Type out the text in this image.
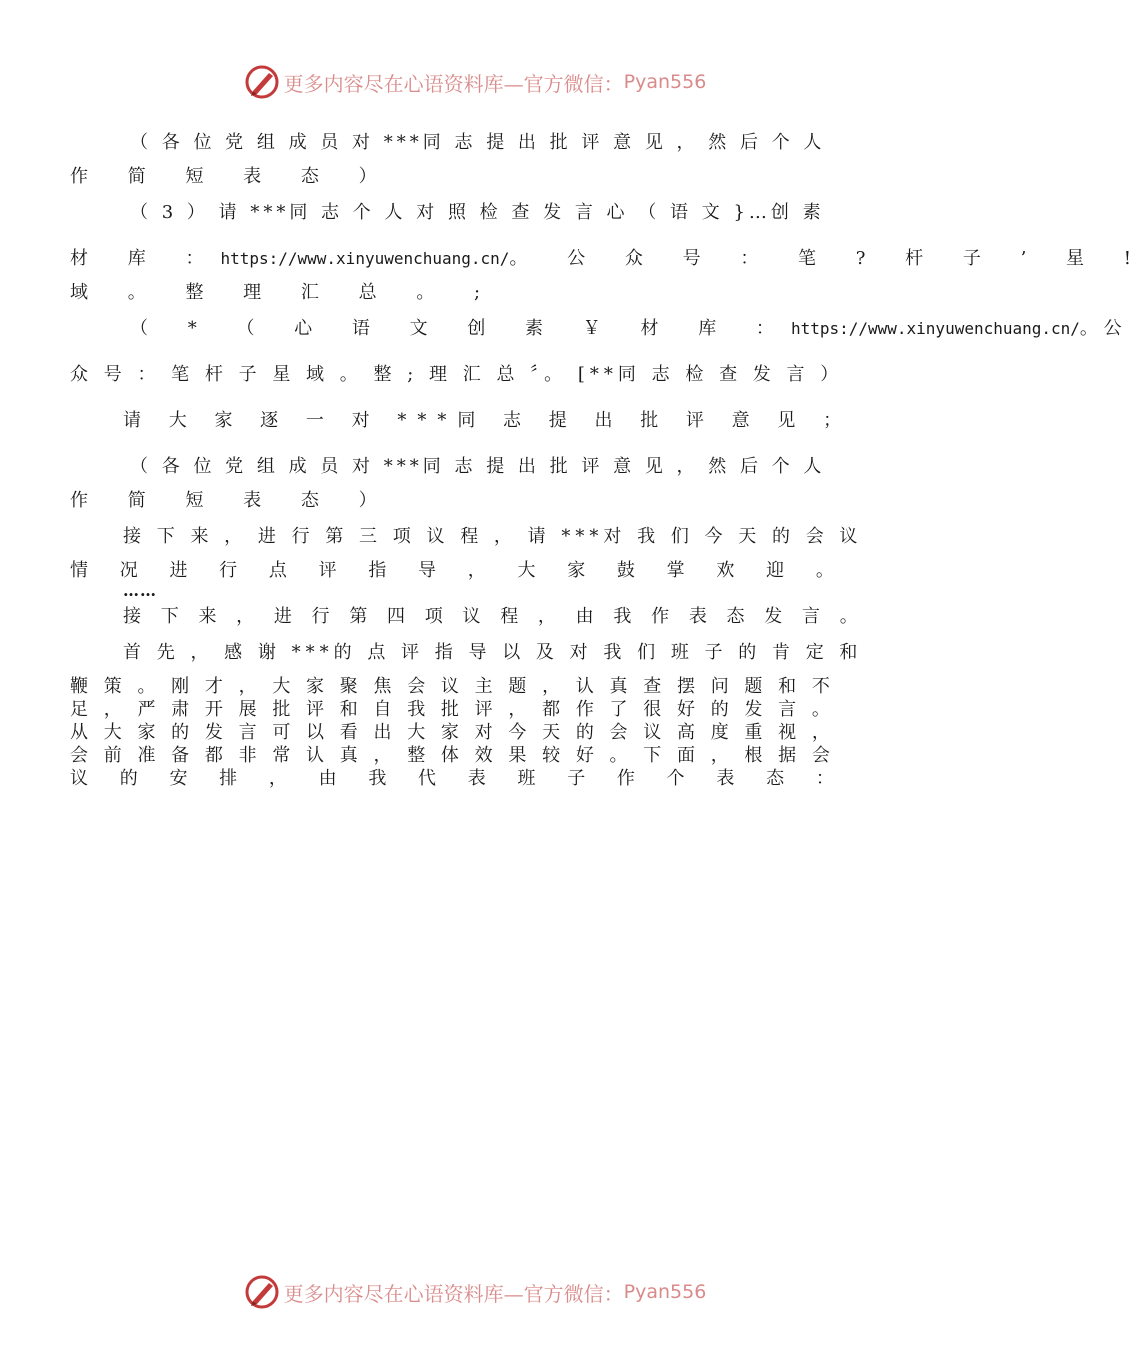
更多内容尽在心语资料库—官方微信： Pyan556
（ 各 位 党 组 成 员 对 ***同 志 提 出 批 评 意 见 ， 然 后 个 人
作 简 短 表 态 ）
（ 3 ） 请 ***同 志 个 人 对 照 检 查 发 言 心 （ 语 文 }…创 素
材 库 ： https://www.xinyuwenchuang.cn/ 。 公 众 号 ： 笔 ? 杆 子 ’ 星 !
域 。 整 理 汇 总 。 ;
（ * （ 心 语 文 创 素 ￥ 材 库 ： https://www.xinyuwenchuang.cn/ 。 公
众 号 ： 笔 杆 子 星 域 。 整 ; 理 汇 总 〞。 [**同 志 检 查 发 言 ）
请 大 家 逐 一 对 ***同 志 提 出 批 评 意 见 ；
（ 各 位 党 组 成 员 对 ***同 志 提 出 批 评 意 见 ， 然 后 个 人
作 简 短 表 态 ）
接 下 来 ， 进 行 第 三 项 议 程 ， 请 ***对 我 们 今 天 的 会 议
情 况 进 行 点 评 指 导 ， 大 家 鼓 掌 欢 迎 。
……
接 下 来 ， 进 行 第 四 项 议 程 ， 由 我 作 表 态 发 言 。
首 先 ， 感 谢 ***的 点 评 指 导 以 及 对 我 们 班 子 的 肯 定 和
鞭 策 。 刚 才 ， 大 家 聚 焦 会 议 主 题 ， 认 真 查 摆 问 题 和 不
足 ， 严 肃 开 展 批 评 和 自 我 批 评 ， 都 作 了 很 好 的 发 言 。
从 大 家 的 发 言 可 以 看 出 大 家 对 今 天 的 会 议 高 度 重 视 ，
会 前 准 备 都 非 常 认 真 ， 整 体 效 果 较 好 。 下 面 ， 根 据 会
议 的 安 排 ， 由 我 代 表 班 子 作 个 表 态 ：
更多内容尽在心语资料库—官方微信： Pyan556
